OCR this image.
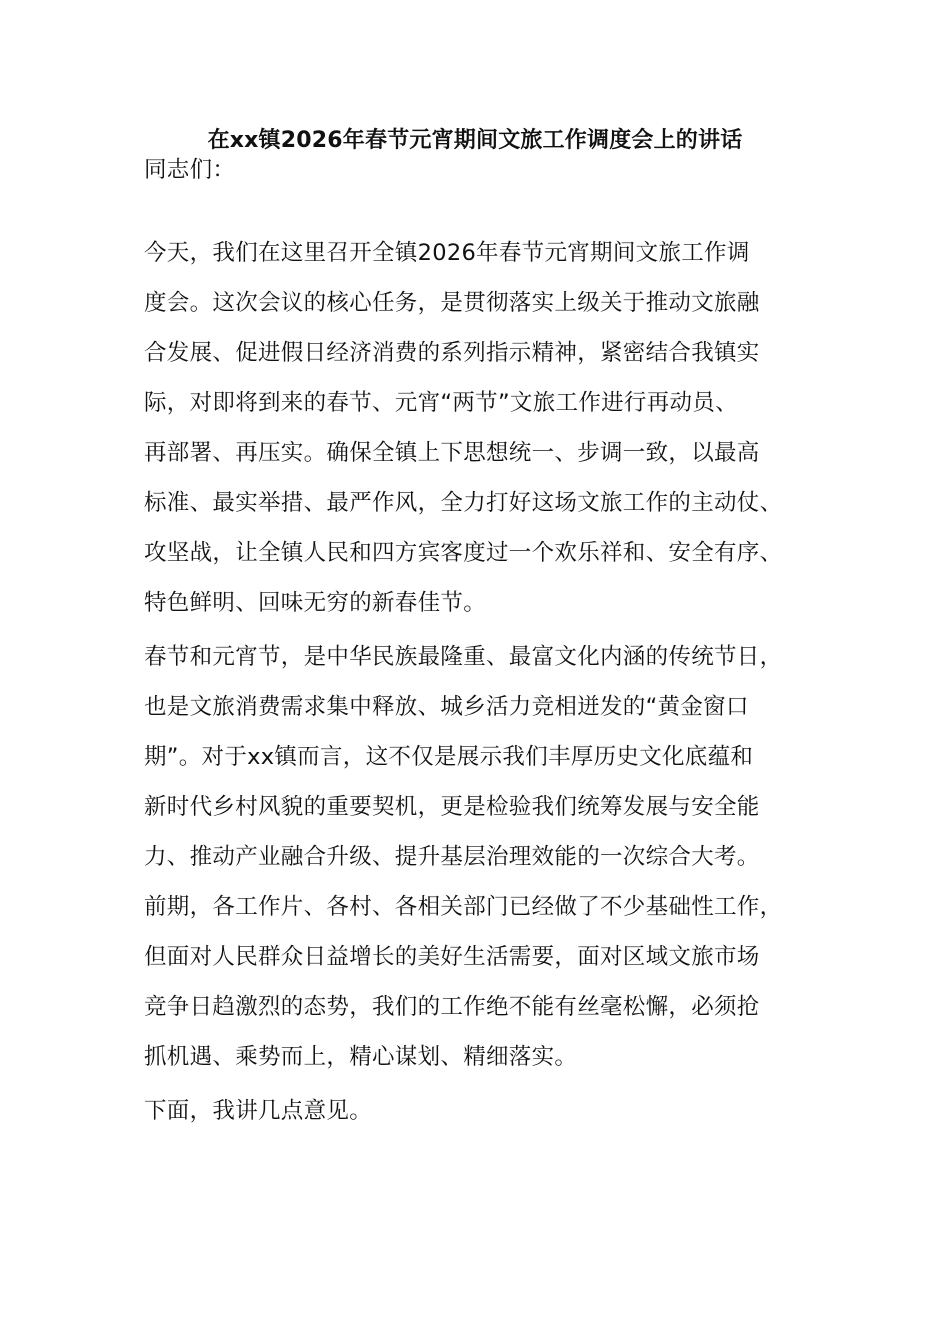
在xx镇2026年春节元宵期间文旅工作调度会上的讲话
同志们：
今天，我们在这里召开全镇2026年春节元宵期间文旅工作调
度会。这次会议的核心任务，是贯彻落实上级关于推动文旅融
合发展、促进假日经济消费的系列指示精神，紧密结合我镇实
际，对即将到来的春节、元宵“两节”文旅工作进行再动员、
再部署、再压实。确保全镇上下思想统一、步调一致，以最高
标准、最实举措、最严作风，全力打好这场文旅工作的主动仗、
攻坚战，让全镇人民和四方宾客度过一个欢乐祥和、安全有序、
特色鲜明、回味无穷的新春佳节。
春节和元宵节，是中华民族最隆重、最富文化内涵的传统节日，
也是文旅消费需求集中释放、城乡活力竞相迸发的“黄金窗口
期”。对于xx镇而言，这不仅是展示我们丰厚历史文化底蕴和
新时代乡村风貌的重要契机，更是检验我们统筹发展与安全能
力、推动产业融合升级、提升基层治理效能的一次综合大考。
前期，各工作片、各村、各相关部门已经做了不少基础性工作，
但面对人民群众日益增长的美好生活需要，面对区域文旅市场
竞争日趋激烈的态势，我们的工作绝不能有丝毫松懈，必须抢
抓机遇、乘势而上，精心谋划、精细落实。
下面，我讲几点意见。
